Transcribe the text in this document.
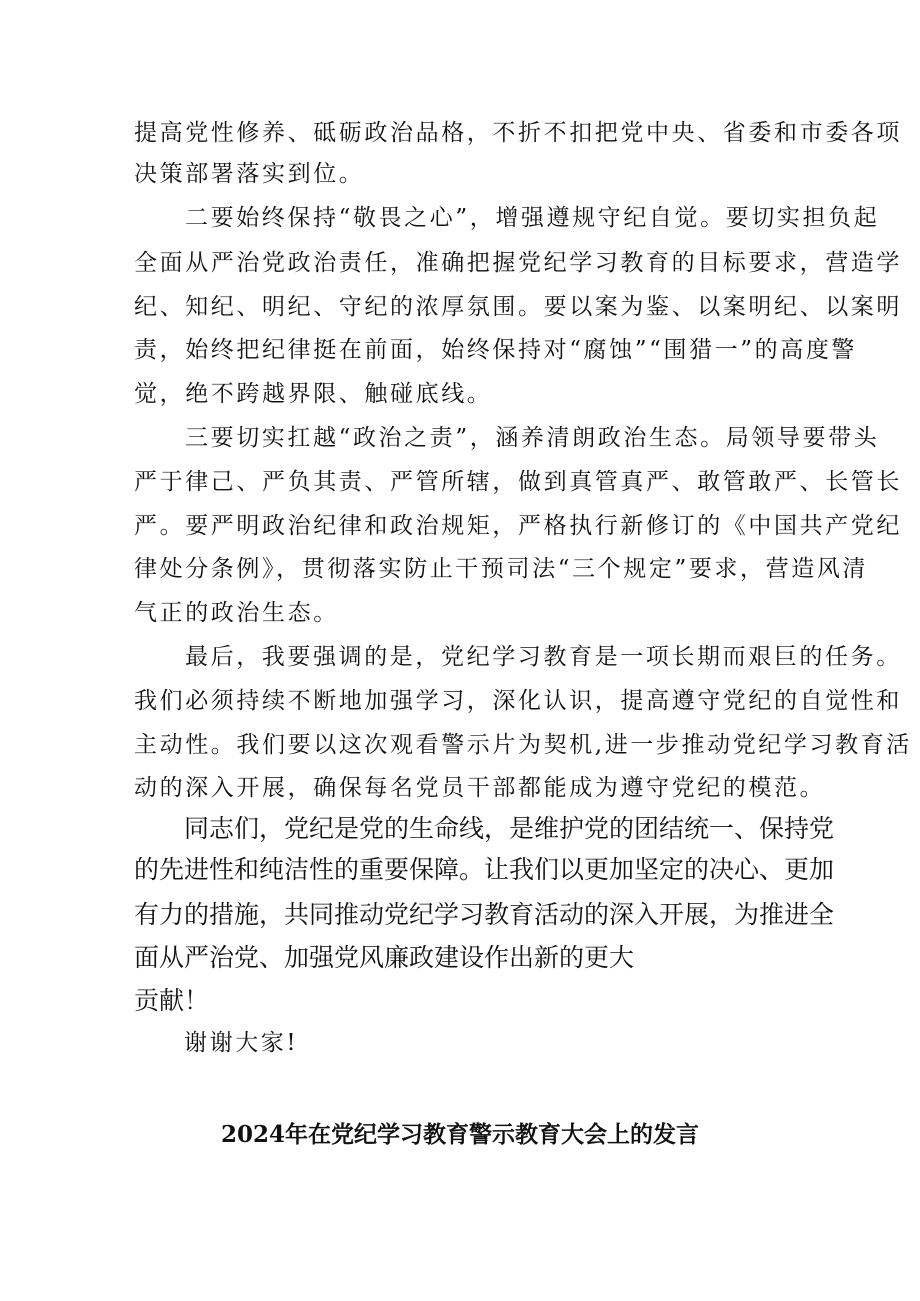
提高党性修养、砥砺政治品格，不折不扣把党中央、省委和市委各项
决策部署落实到位。
二要始终保持“敬畏之心”，增强遵规守纪自觉。要切实担负起
全面从严治党政治责任，准确把握党纪学习教育的目标要求，营造学
纪、知纪、明纪、守纪的浓厚氛围。要以案为鉴、以案明纪、以案明
责，始终把纪律挺在前面，始终保持对“腐蚀”“围猎一”的高度警
觉，绝不跨越界限、触碰底线。
三要切实扛越“政治之责”，涵养清朗政治生态。局领导要带头
严于律己、严负其责、严管所辖，做到真管真严、敢管敢严、长管长
严。要严明政治纪律和政治规矩，严格执行新修订的《中国共产党纪
律处分条例》，贯彻落实防止干预司法“三个规定”要求，营造风清
气正的政治生态。
最后，我要强调的是，党纪学习教育是一项长期而艰巨的任务。
我们必须持续不断地加强学习，深化认识，提高遵守党纪的自觉性和
主动性。我们要以这次观看警示片为契机,进一步推动党纪学习教育活
动的深入开展，确保每名党员干部都能成为遵守党纪的模范。
同志们，党纪是党的生命线，是维护党的团结统一、保持党
的先进性和纯洁性的重要保障。让我们以更加坚定的决心、更加
有力的措施，共同推动党纪学习教育活动的深入开展，为推进全
面从严治党、加强党风廉政建设作出新的更大
贡献！
谢谢大家!
2024年在党纪学习教育警示教育大会上的发言
